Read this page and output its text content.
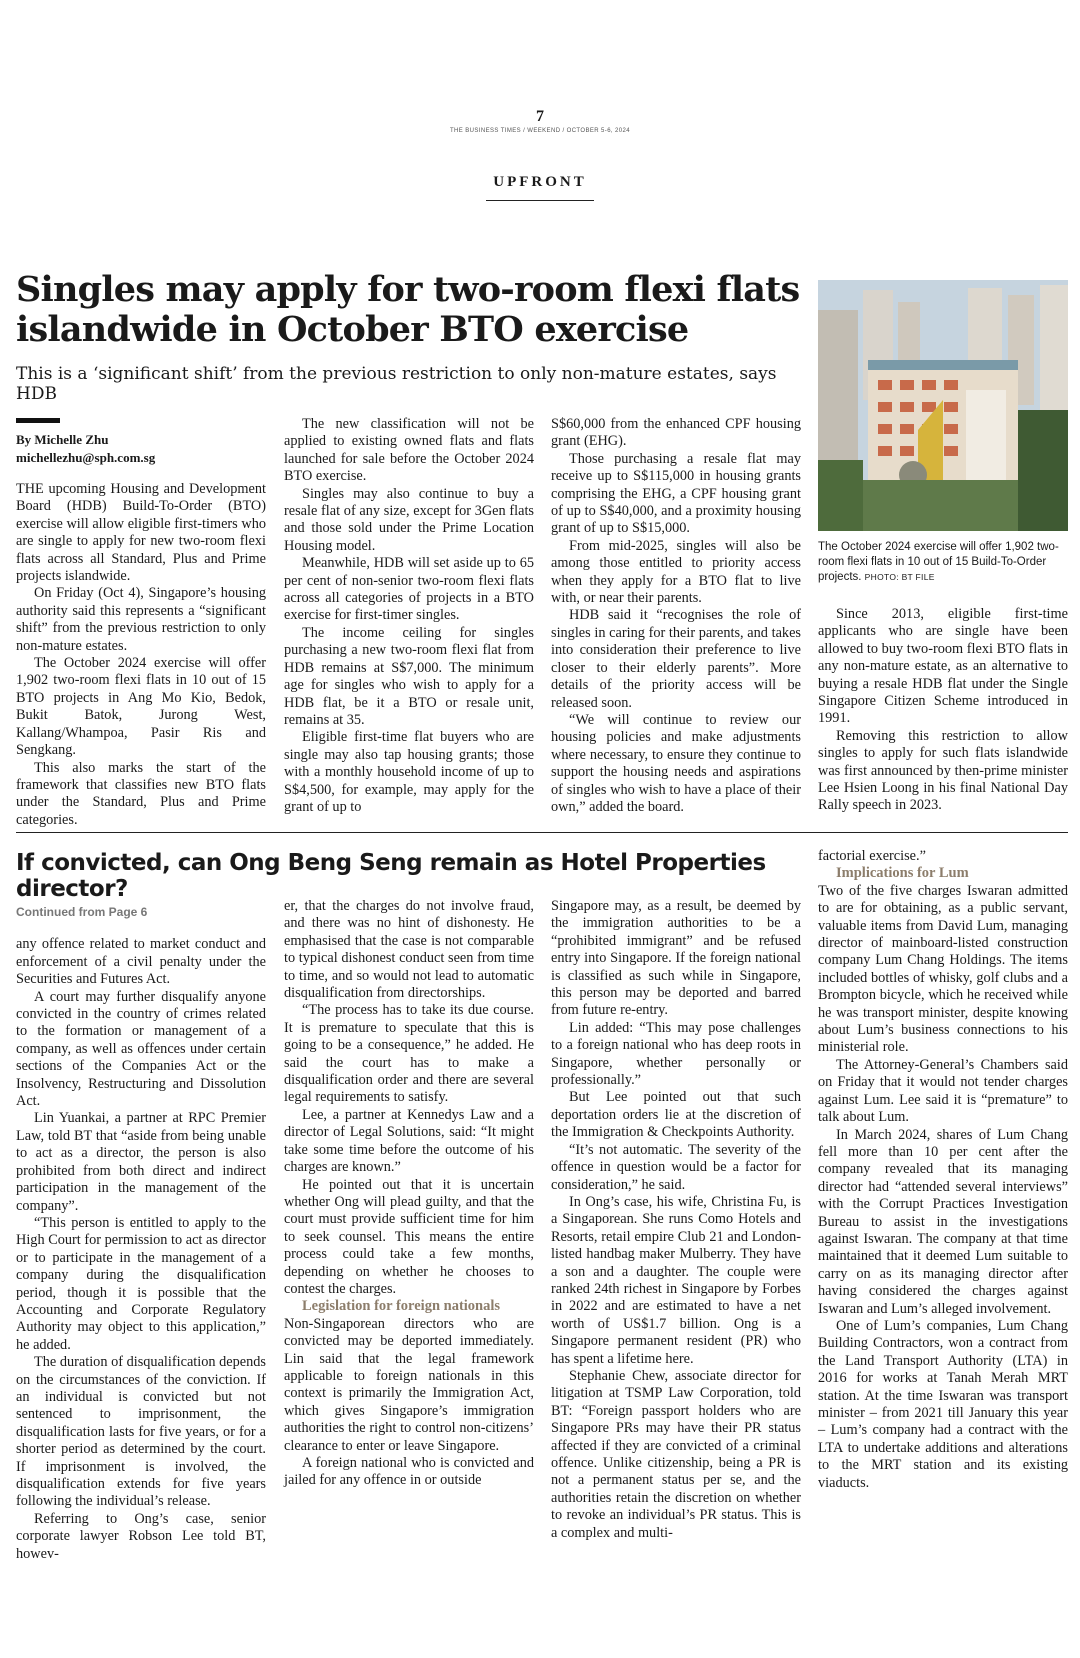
7
THE BUSINESS TIMES / WEEKEND / OCTOBER 5-6, 2024
UPFRONT
Singles may apply for two-room flexi flats islandwide in October BTO exercise
This is a ‘significant shift’ from the previous restriction to only non-mature estates, says HDB
By Michelle Zhu
michellezhu@sph.com.sg

THE upcoming Housing and Development Board (HDB) Build-To-Order (BTO) exercise will allow eligible first-timers who are single to apply for new two-room flexi flats across all Standard, Plus and Prime projects islandwide.

On Friday (Oct 4), Singapore’s housing authority said this represents a “significant shift” from the previous restriction to only non-mature estates.

The October 2024 exercise will offer 1,902 two-room flexi flats in 10 out of 15 BTO projects in Ang Mo Kio, Bedok, Bukit Batok, Jurong West, Kallang/Whampoa, Pasir Ris and Sengkang.

This also marks the start of the framework that classifies new BTO flats under the Standard, Plus and Prime categories.

The new classification will not be applied to existing owned flats and flats launched for sale before the October 2024 BTO exercise.

Singles may also continue to buy a resale flat of any size, except for 3Gen flats and those sold under the Prime Location Housing model.

Meanwhile, HDB will set aside up to 65 per cent of non-senior two-room flexi flats across all categories of projects in a BTO exercise for first-timer singles.

The income ceiling for singles purchasing a new two-room flexi flat from HDB remains at S$7,000. The minimum age for singles who wish to apply for a HDB flat, be it a BTO or resale unit, remains at 35.

Eligible first-time flat buyers who are single may also tap housing grants; those with a monthly household income of up to S$4,500, for example, may apply for the grant of up to

S$60,000 from the enhanced CPF housing grant (EHG).

Those purchasing a resale flat may receive up to S$115,000 in housing grants comprising the EHG, a CPF housing grant of up to S$40,000, and a proximity housing grant of up to S$15,000.

From mid-2025, singles will also be among those entitled to priority access when they apply for a BTO flat to live with, or near their parents.

HDB said it “recognises the role of singles in caring for their parents, and takes into consideration their preference to live closer to their elderly parents”. More details of the priority access will be released soon.

“We will continue to review our housing policies and make adjustments where necessary, to ensure they continue to support the housing needs and aspirations of singles who wish to have a place of their own,” added the board.

The October 2024 exercise will offer 1,902 two-room flexi flats in 10 out of 15 Build-To-Order projects. PHOTO: BT FILE

Since 2013, eligible first-time applicants who are single have been allowed to buy two-room flexi BTO flats in any non-mature estate, as an alternative to buying a resale HDB flat under the Single Singapore Citizen Scheme introduced in 1991.

Removing this restriction to allow singles to apply for such flats islandwide was first announced by then-prime minister Lee Hsien Loong in his final National Day Rally speech in 2023.

If convicted, can Ong Beng Seng remain as Hotel Properties director?
Continued from Page 6

any offence related to market conduct and enforcement of a civil penalty under the Securities and Futures Act.

A court may further disqualify anyone convicted in the country of crimes related to the formation or management of a company, as well as offences under certain sections of the Companies Act or the Insolvency, Restructuring and Dissolution Act.

Lin Yuankai, a partner at RPC Premier Law, told BT that “aside from being unable to act as a director, the person is also prohibited from both direct and indirect participation in the management of the company”.

“This person is entitled to apply to the High Court for permission to act as director or to participate in the management of a company during the disqualification period, though it is possible that the Accounting and Corporate Regulatory Authority may object to this application,” he added.

The duration of disqualification depends on the circumstances of the conviction. If an individual is convicted but not sentenced to imprisonment, the disqualification lasts for five years, or for a shorter period as determined by the court. If imprisonment is involved, the disqualification extends for five years following the individual’s release.

Referring to Ong’s case, senior corporate lawyer Robson Lee told BT, howev-

er, that the charges do not involve fraud, and there was no hint of dishonesty. He emphasised that the case is not comparable to typical dishonest conduct seen from time to time, and so would not lead to automatic disqualification from directorships.

“The process has to take its due course. It is premature to speculate that this is going to be a consequence,” he added. He said the court has to make a disqualification order and there are several legal requirements to satisfy.

Lee, a partner at Kennedys Law and a director of Legal Solutions, said: “It might take some time before the outcome of his charges are known.”

He pointed out that it is uncertain whether Ong will plead guilty, and that the court must provide sufficient time for him to seek counsel. This means the entire process could take a few months, depending on whether he chooses to contest the charges.

Legislation for foreign nationals

Non-Singaporean directors who are convicted may be deported immediately. Lin said that the legal framework applicable to foreign nationals in this context is primarily the Immigration Act, which gives Singapore’s immigration authorities the right to control non-citizens’ clearance to enter or leave Singapore.

A foreign national who is convicted and jailed for any offence in or outside

Singapore may, as a result, be deemed by the immigration authorities to be a “prohibited immigrant” and be refused entry into Singapore. If the foreign national is classified as such while in Singapore, this person may be deported and barred from future re-entry.

Lin added: “This may pose challenges to a foreign national who has deep roots in Singapore, whether personally or professionally.”

But Lee pointed out that such deportation orders lie at the discretion of the Immigration & Checkpoints Authority.

“It’s not automatic. The severity of the offence in question would be a factor for consideration,” he said.

In Ong’s case, his wife, Christina Fu, is a Singaporean. She runs Como Hotels and Resorts, retail empire Club 21 and London-listed handbag maker Mulberry. They have a son and a daughter. The couple were ranked 24th richest in Singapore by Forbes in 2022 and are estimated to have a net worth of US$1.7 billion. Ong is a Singapore permanent resident (PR) who has spent a lifetime here.

Stephanie Chew, associate director for litigation at TSMP Law Corporation, told BT: “Foreign passport holders who are Singapore PRs may have their PR status affected if they are convicted of a criminal offence. Unlike citizenship, being a PR is not a permanent status per se, and the authorities retain the discretion on whether to revoke an individual’s PR status. This is a complex and multi-

factorial exercise.”

Implications for Lum

Two of the five charges Iswaran admitted to are for obtaining, as a public servant, valuable items from David Lum, managing director of mainboard-listed construction company Lum Chang Holdings. The items included bottles of whisky, golf clubs and a Brompton bicycle, which he received while he was transport minister, despite knowing about Lum’s business connections to his ministerial role.

The Attorney-General’s Chambers said on Friday that it would not tender charges against Lum. Lee said it is “premature” to talk about Lum.

In March 2024, shares of Lum Chang fell more than 10 per cent after the company revealed that its managing director had “attended several interviews” with the Corrupt Practices Investigation Bureau to assist in the investigations against Iswaran. The company at that time maintained that it deemed Lum suitable to carry on as its managing director after having considered the charges against Iswaran and Lum’s alleged involvement.

One of Lum’s companies, Lum Chang Building Contractors, won a contract from the Land Transport Authority (LTA) in 2016 for works at Tanah Merah MRT station. At the time Iswaran was transport minister – from 2021 till January this year – Lum’s company had a contract with the LTA to undertake additions and alterations to the MRT station and its existing viaducts.
